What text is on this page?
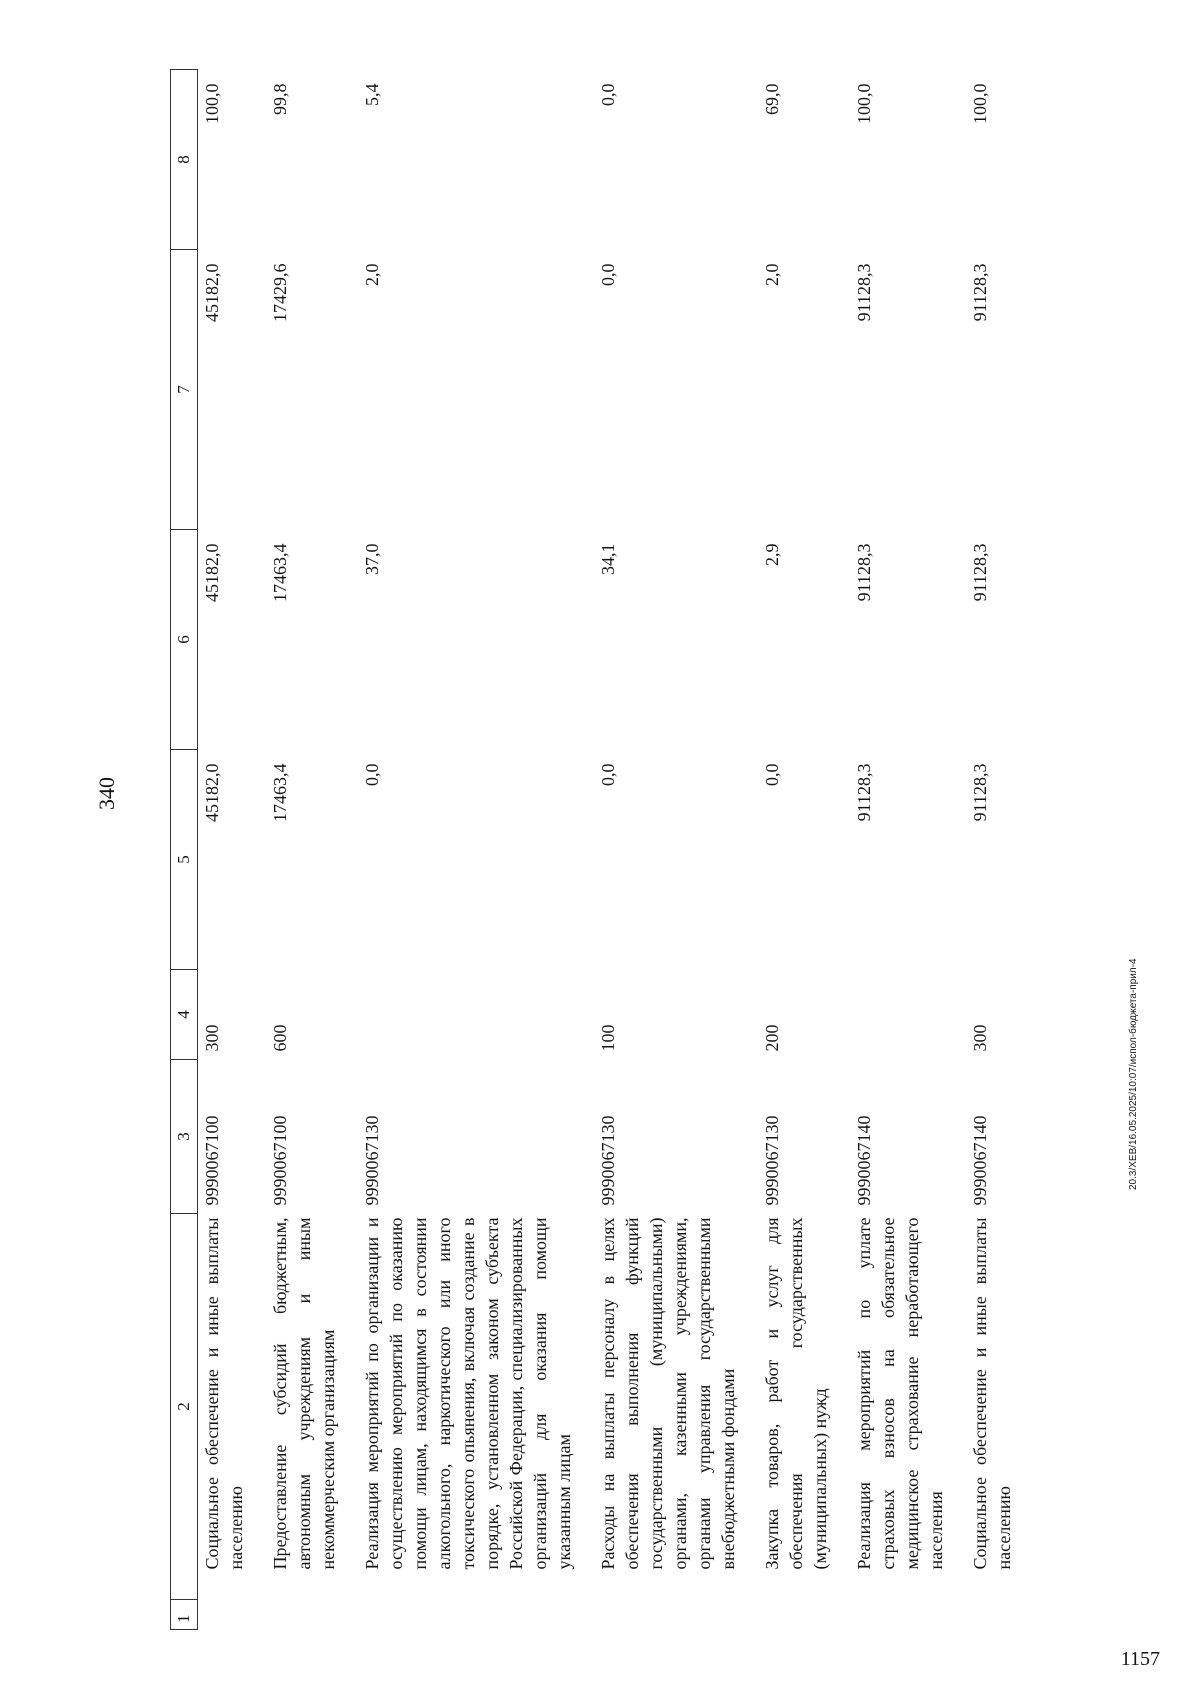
340
1	2	3	4	5	6	7	8
	Социальное обеспечение и иные выплаты населению	9990067100	300	45182,0	45182,0	45182,0	100,0
	Предоставление субсидий бюджетным, автономным учреждениям и иным некоммерческим организациям	9990067100	600	17463,4	17463,4	17429,6	99,8
	Реализация мероприятий по организации и осуществлению мероприятий по оказанию помощи лицам, находящимся в состоянии алкогольного, наркотического или иного токсического опьянения, включая создание в порядке, установленном законом субъекта Российской Федерации, специализированных организаций для оказания помощи указанным лицам	9990067130		0,0	37,0	2,0	5,4
	Расходы на выплаты персоналу в целях обеспечения выполнения функций государственными (муниципальными) органами, казенными учреждениями, органами управления государственными внебюджетными фондами	9990067130	100	0,0	34,1	0,0	0,0
	Закупка товаров, работ и услуг для обеспечения государственных (муниципальных) нужд	9990067130	200	0,0	2,9	2,0	69,0
	Реализация мероприятий по уплате страховых взносов на обязательное медицинское страхование неработающего населения	9990067140		91128,3	91128,3	91128,3	100,0
	Социальное обеспечение и иные выплаты населению	9990067140	300	91128,3	91128,3	91128,3	100,0
20.3/XEB/16.05.2025/10:07/испол-бюджета-прил-4
1157
